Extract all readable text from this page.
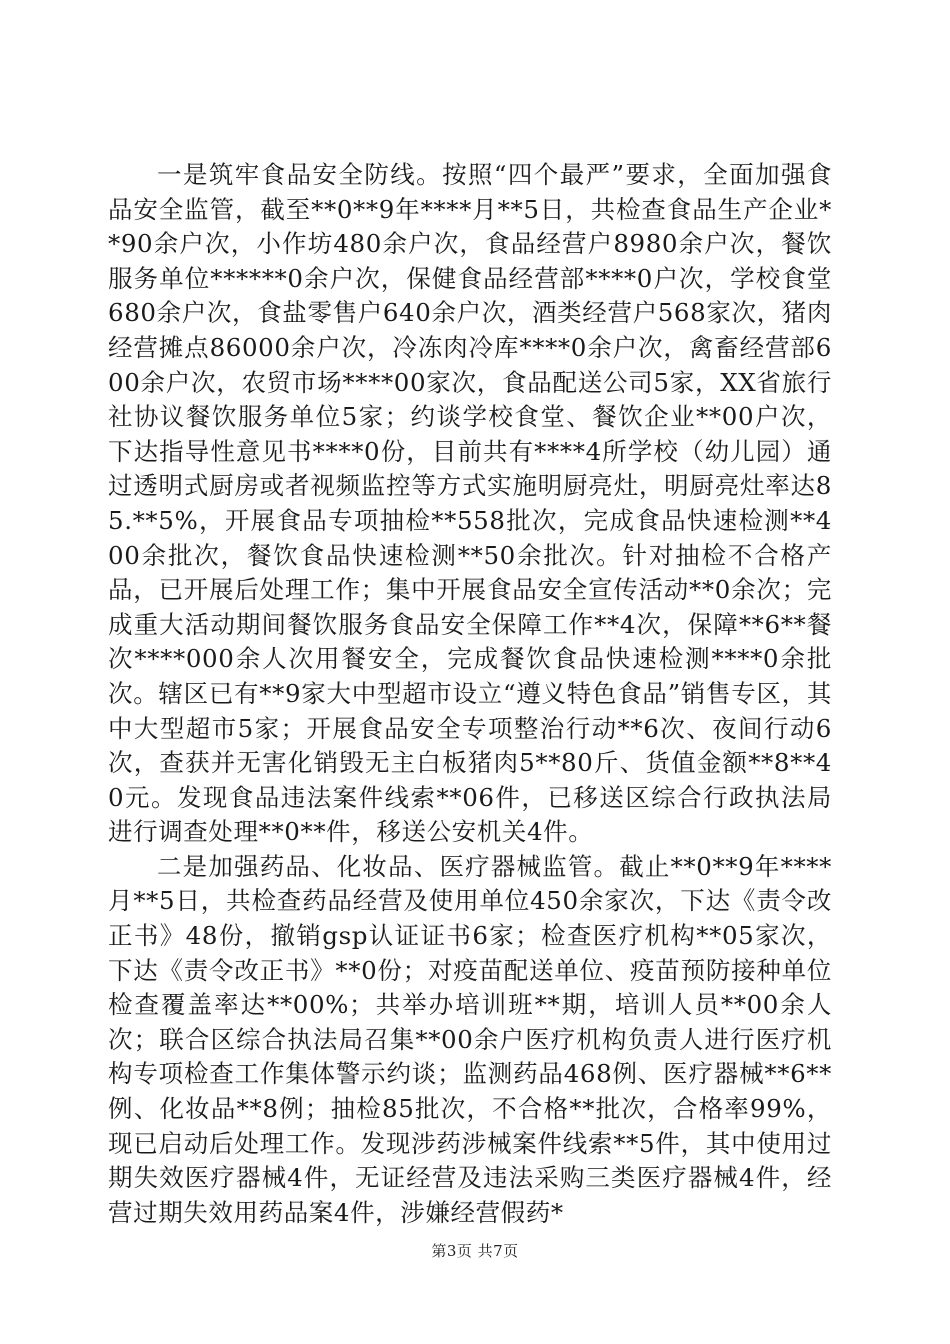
一是筑牢食品安全防线。按照“四个最严”要求，全面加强食品安全监管，截至**0**9年****月**5日，共检查食品生产企业**90余户次，小作坊480余户次，食品经营户8980余户次，餐饮服务单位******0余户次，保健食品经营部****0户次，学校食堂680余户次，食盐零售户640余户次，酒类经营户568家次，猪肉经营摊点86000余户次，冷冻肉冷库****0余户次，禽畜经营部600余户次，农贸市场****00家次，食品配送公司5家，XX省旅行社协议餐饮服务单位5家；约谈学校食堂、餐饮企业**00户次，下达指导性意见书****0份，目前共有****4所学校（幼儿园）通过透明式厨房或者视频监控等方式实施明厨亮灶，明厨亮灶率达85.**5%，开展食品专项抽检**558批次，完成食品快速检测**400余批次，餐饮食品快速检测**50余批次。针对抽检不合格产品，已开展后处理工作；集中开展食品安全宣传活动**0余次；完成重大活动期间餐饮服务食品安全保障工作**4次，保障**6**餐次****000余人次用餐安全，完成餐饮食品快速检测****0余批次。辖区已有**9家大中型超市设立“遵义特色食品”销售专区，其中大型超市5家；开展食品安全专项整治行动**6次、夜间行动6次，查获并无害化销毁无主白板猪肉5**80斤、货值金额**8**40元。发现食品违法案件线索**06件，已移送区综合行政执法局进行调查处理**0**件，移送公安机关4件。

二是加强药品、化妆品、医疗器械监管。截止**0**9年****月**5日，共检查药品经营及使用单位450余家次，下达《责令改正书》48份，撤销gsp认证证书6家；检查医疗机构**05家次，下达《责令改正书》**0份；对疫苗配送单位、疫苗预防接种单位检查覆盖率达**00%；共举办培训班**期，培训人员**00余人次；联合区综合执法局召集**00余户医疗机构负责人进行医疗机构专项检查工作集体警示约谈；监测药品468例、医疗器械**6**例、化妆品**8例；抽检85批次，不合格**批次，合格率99%，现已启动后处理工作。发现涉药涉械案件线索**5件，其中使用过期失效医疗器械4件，无证经营及违法采购三类医疗器械4件，经营过期失效用药品案4件，涉嫌经营假药*

第3页 共7页
